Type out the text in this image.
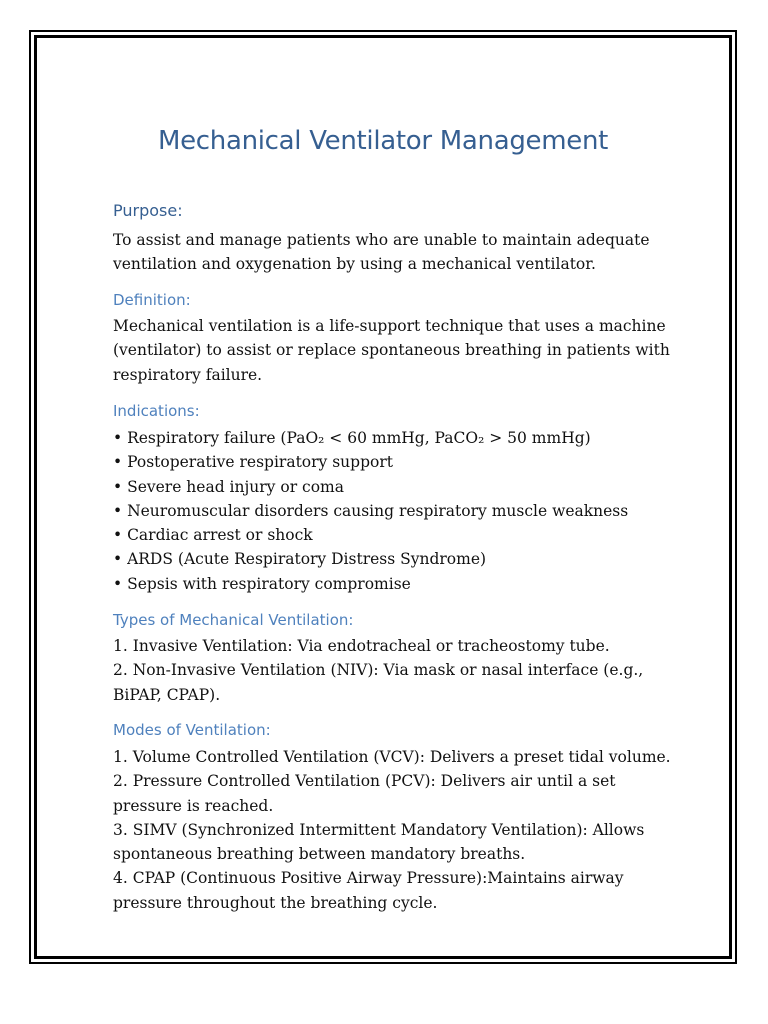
Mechanical Ventilator Management
Purpose:
To assist and manage patients who are unable to maintain adequate
ventilation and oxygenation by using a mechanical ventilator.
Definition:
Mechanical ventilation is a life-support technique that uses a machine
(ventilator) to assist or replace spontaneous breathing in patients with
respiratory failure.
Indications:
• Respiratory failure (PaO₂ < 60 mmHg, PaCO₂ > 50 mmHg)
• Postoperative respiratory support
• Severe head injury or coma
• Neuromuscular disorders causing respiratory muscle weakness
• Cardiac arrest or shock
• ARDS (Acute Respiratory Distress Syndrome)
• Sepsis with respiratory compromise
Types of Mechanical Ventilation:
1. Invasive Ventilation: Via endotracheal or tracheostomy tube.
2. Non-Invasive Ventilation (NIV): Via mask or nasal interface (e.g.,
BiPAP, CPAP).
Modes of Ventilation:
1. Volume Controlled Ventilation (VCV): Delivers a preset tidal volume.
2. Pressure Controlled Ventilation (PCV): Delivers air until a set
pressure is reached.
3. SIMV (Synchronized Intermittent Mandatory Ventilation): Allows
spontaneous breathing between mandatory breaths.
4. CPAP (Continuous Positive Airway Pressure):Maintains airway
pressure throughout the breathing cycle.
